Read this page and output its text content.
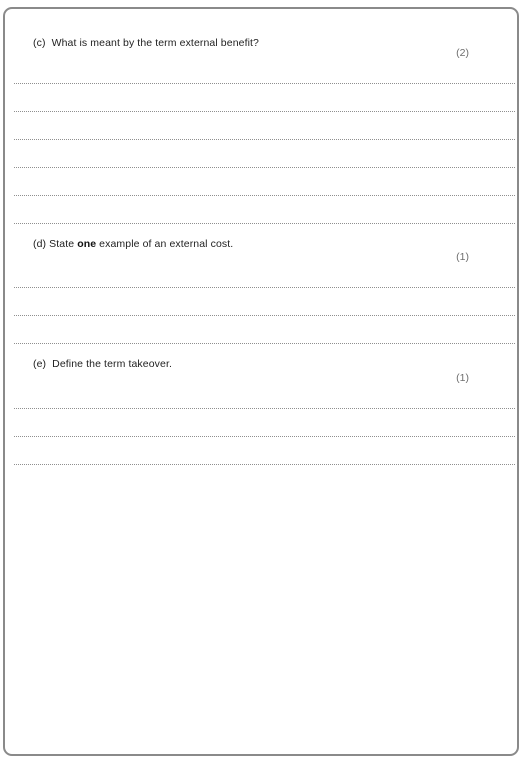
(c) What is meant by the term external benefit?
(2)
(d) State one example of an external cost.
(1)
(e) Define the term takeover.
(1)
